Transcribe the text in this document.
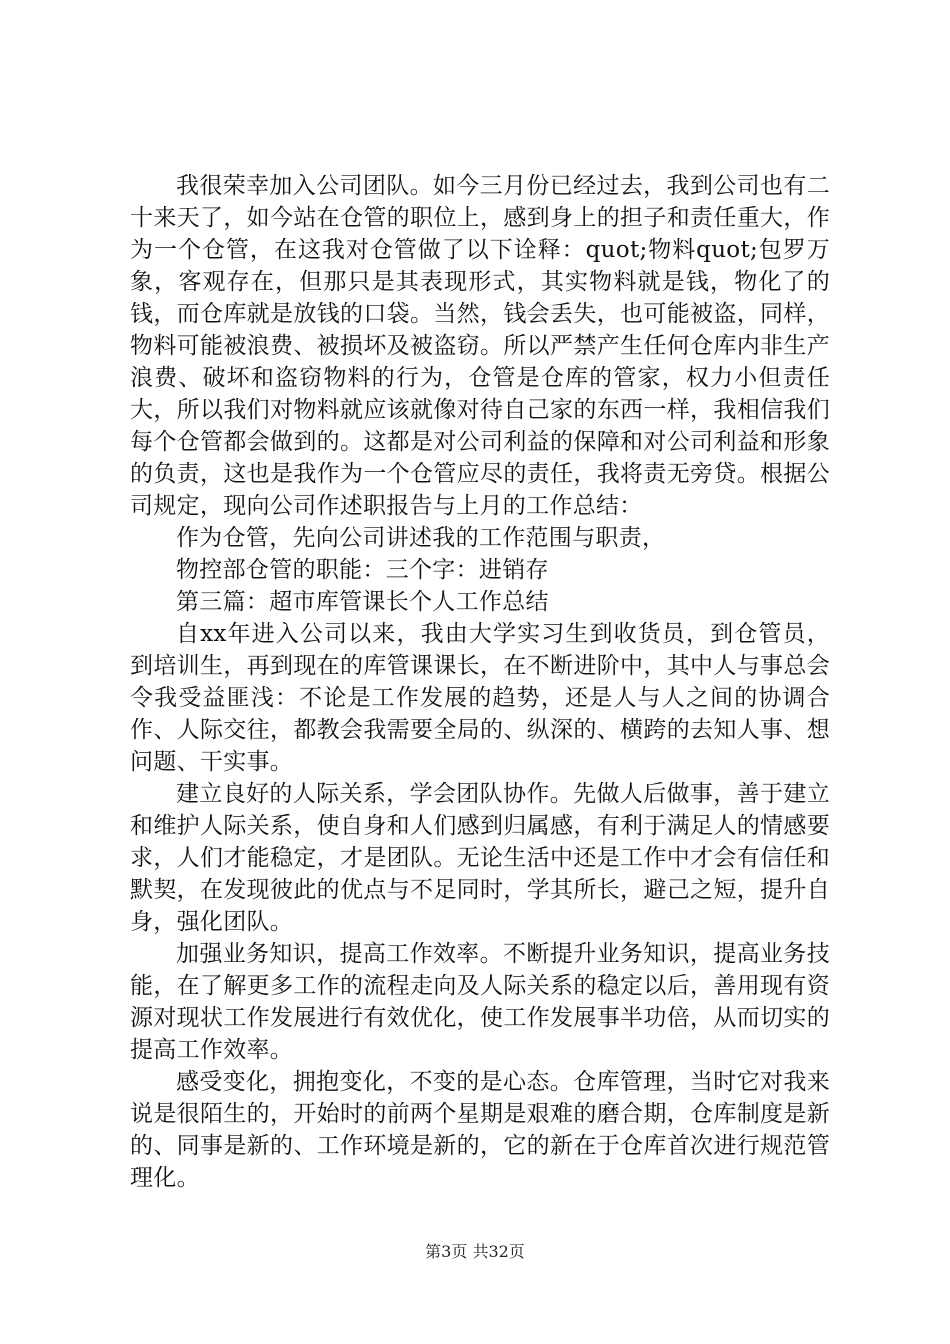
我很荣幸加入公司团队。如今三月份已经过去，我到公司也有二十来天了，如今站在仓管的职位上，感到身上的担子和责任重大，作为一个仓管，在这我对仓管做了以下诠释：quot;物料quot;包罗万象，客观存在，但那只是其表现形式，其实物料就是钱，物化了的钱，而仓库就是放钱的口袋。当然，钱会丢失，也可能被盗，同样，物料可能被浪费、被损坏及被盗窃。所以严禁产生任何仓库内非生产浪费、破坏和盗窃物料的行为，仓管是仓库的管家，权力小但责任大，所以我们对物料就应该就像对待自己家的东西一样，我相信我们每个仓管都会做到的。这都是对公司利益的保障和对公司利益和形象的负责，这也是我作为一个仓管应尽的责任，我将责无旁贷。根据公司规定，现向公司作述职报告与上月的工作总结：

作为仓管，先向公司讲述我的工作范围与职责，

物控部仓管的职能：三个字：进销存

第三篇：超市库管课长个人工作总结

自xx年进入公司以来，我由大学实习生到收货员，到仓管员，到培训生，再到现在的库管课课长，在不断进阶中，其中人与事总会令我受益匪浅：不论是工作发展的趋势，还是人与人之间的协调合作、人际交往，都教会我需要全局的、纵深的、横跨的去知人事、想问题、干实事。

建立良好的人际关系，学会团队协作。先做人后做事，善于建立和维护人际关系，使自身和人们感到归属感，有利于满足人的情感要求，人们才能稳定，才是团队。无论生活中还是工作中才会有信任和默契，在发现彼此的优点与不足同时，学其所长，避己之短，提升自身，强化团队。

加强业务知识，提高工作效率。不断提升业务知识，提高业务技能，在了解更多工作的流程走向及人际关系的稳定以后，善用现有资源对现状工作发展进行有效优化，使工作发展事半功倍，从而切实的提高工作效率。

感受变化，拥抱变化，不变的是心态。仓库管理，当时它对我来说是很陌生的，开始时的前两个星期是艰难的磨合期，仓库制度是新的、同事是新的、工作环境是新的，它的新在于仓库首次进行规范管理化。

第3页 共32页
